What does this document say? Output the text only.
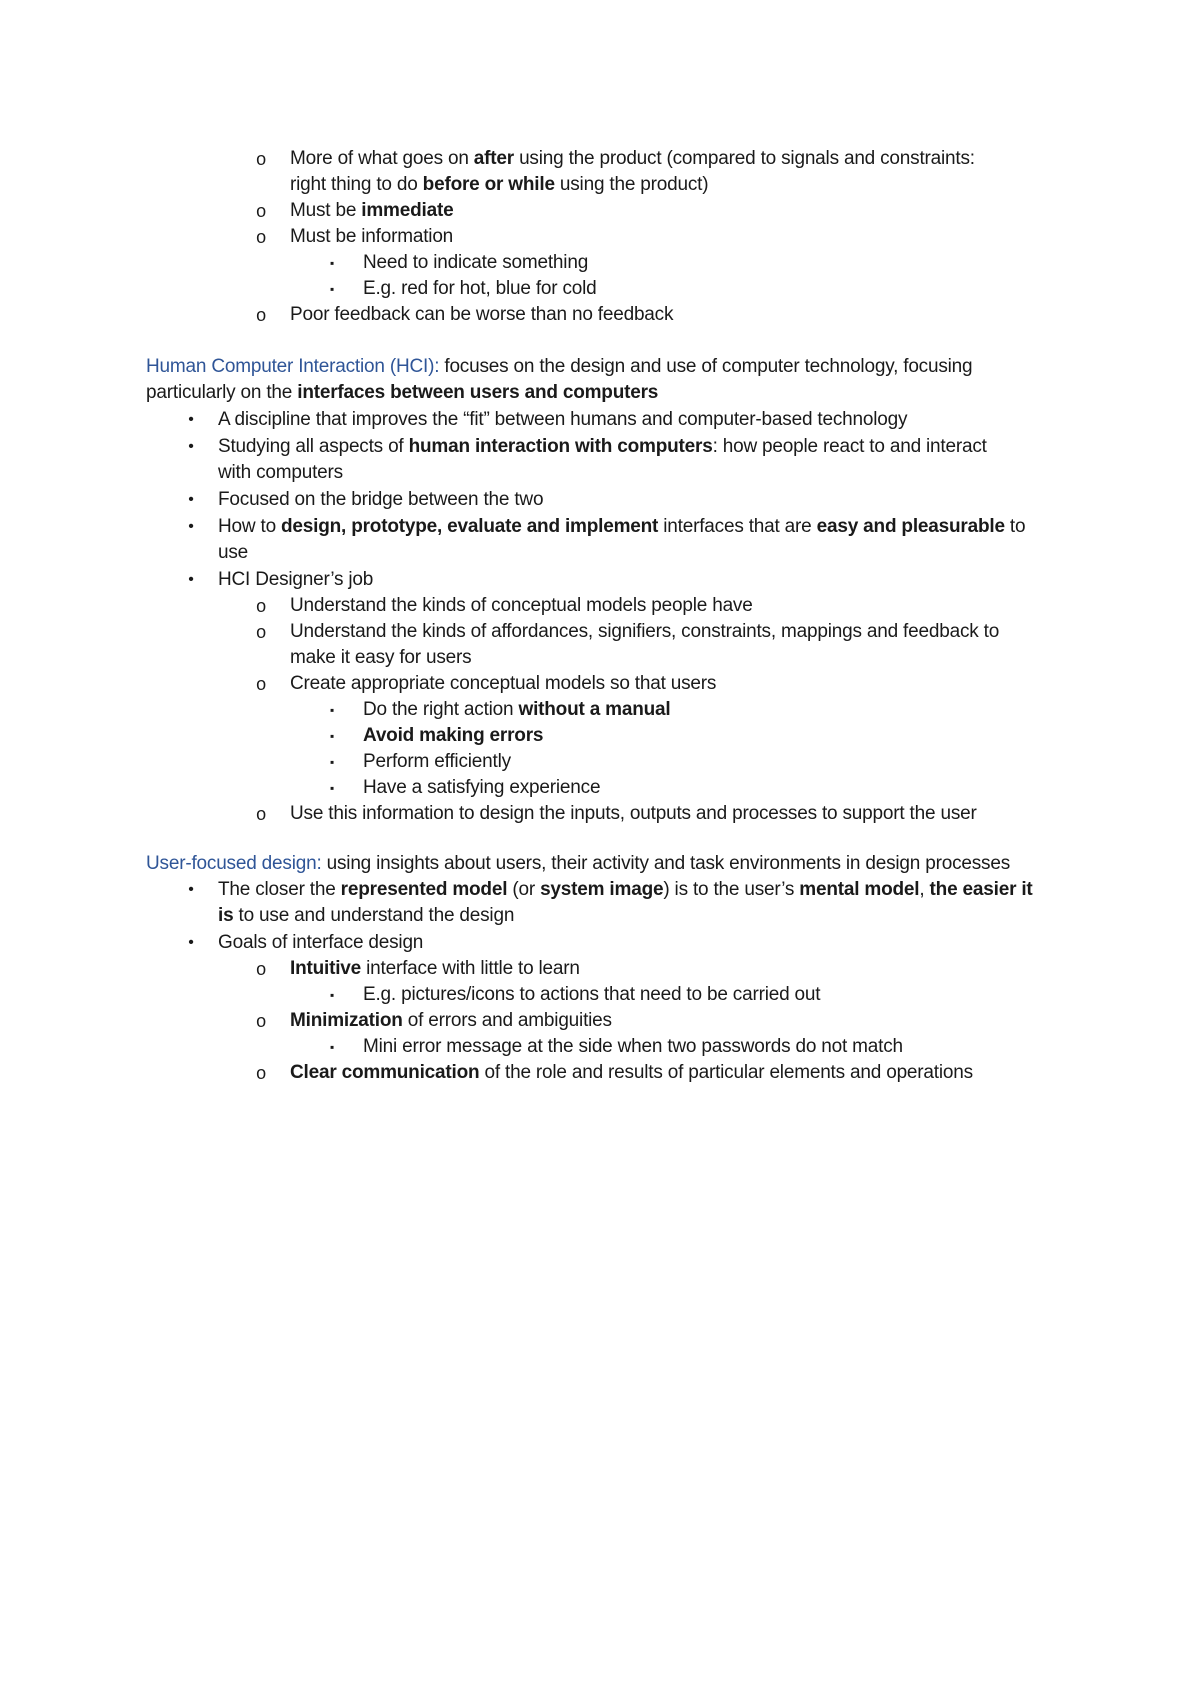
o More of what goes on after using the product (compared to signals and constraints:
right thing to do before or while using the product)
o Must be immediate
o Must be information
▪	Need to indicate something
▪	E.g. red for hot, blue for cold
o Poor feedback can be worse than no feedback
Human Computer Interaction (HCI): focuses on the design and use of computer technology, focusing
particularly on the interfaces between users and computers
•	A discipline that improves the “fit” between humans and computer-based technology
•	Studying all aspects of human interaction with computers: how people react to and interact
with computers
•	Focused on the bridge between the two
•	How to design, prototype, evaluate and implement interfaces that are easy and pleasurable to
use
•	HCI Designer’s job
o Understand the kinds of conceptual models people have
o Understand the kinds of affordances, signifiers, constraints, mappings and feedback to
make it easy for users
o Create appropriate conceptual models so that users
▪	Do the right action without a manual
▪	Avoid making errors
▪	Perform efficiently
▪	Have a satisfying experience
o Use this information to design the inputs, outputs and processes to support the user
User-focused design: using insights about users, their activity and task environments in design processes
•	The closer the represented model (or system image) is to the user’s mental model, the easier it
is to use and understand the design
•	Goals of interface design
o Intuitive interface with little to learn
▪	E.g. pictures/icons to actions that need to be carried out
o Minimization of errors and ambiguities
▪	Mini error message at the side when two passwords do not match
o Clear communication of the role and results of particular elements and operations
